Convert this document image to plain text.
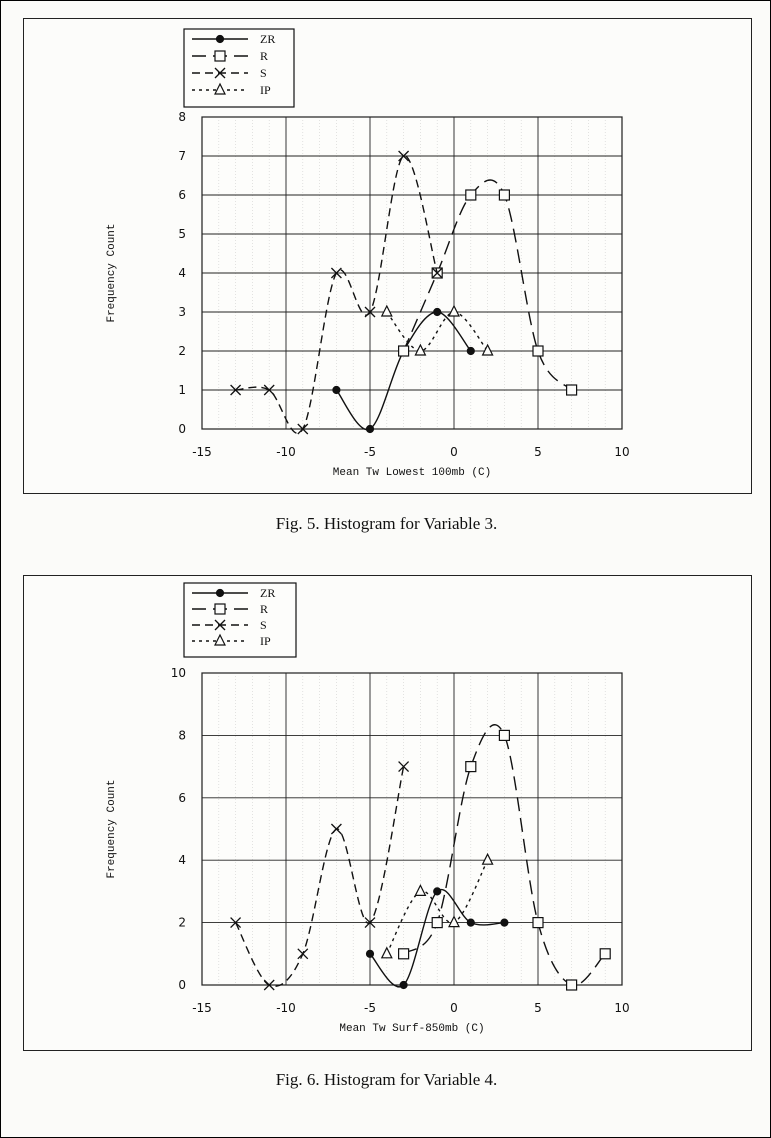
-15	-10	-5	0	5	10
0
1
2
3
4
5
6
7
8
Mean Tw Lowest 100mb (C)
Frequency Count
ZR
R
S
IP
Fig. 5. Histogram for Variable 3.
-15	-10	-5	0	5	10
0
2
4
6
8
10
Mean Tw Surf-850mb (C)
Frequency Count
ZR
R
S
IP
Fig. 6. Histogram for Variable 4.
